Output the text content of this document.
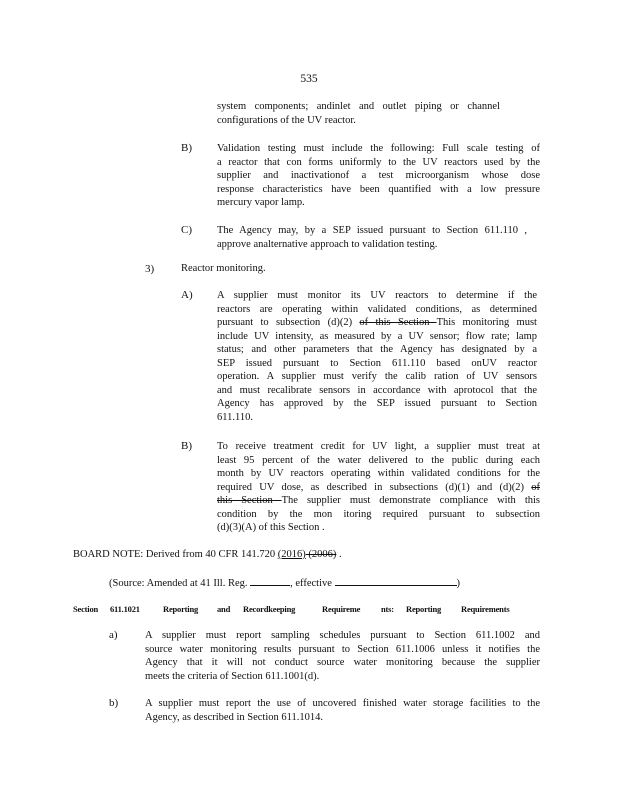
535
system components; andinlet and outlet piping or channel
configurations of the UV reactor.
B) Validation testing must include the following: Full scale testing of
a reactor that con forms uniformly to the UV reactors used by the
supplier and inactivationof a test microorganism whose dose
response characteristics have been quantified with a low pressure
mercury vapor lamp.
C) The Agency may, by a SEP issued pursuant to Section 611.110 ,
approve analternative approach to validation testing.
3)	Reactor monitoring.
A) A supplier must monitor its UV reactors to determine if the
reactors are operating within validated conditions, as determined
pursuant to subsection (d)(2) of this Section This monitoring must
include UV intensity, as measured by a UV sensor; flow rate; lamp
status; and other parameters that the Agency has designated by a
SEP issued pursuant to Section 611.110 based onUV reactor
operation. A supplier must verify the calib ration of UV sensors
and must recalibrate sensors in accordance with aprotocol that the
Agency has approved by the SEP issued pursuant to Section
611.110.
B) To receive treatment credit for UV light, a supplier must treat at
least 95 percent of the water delivered to the public during each
month by UV reactors operating within validated conditions for the
required UV dose, as described in subsections (d)(1) and (d)(2) of
this Section The supplier must demonstrate compliance with this
condition by the mon itoring required pursuant to subsection
(d)(3)(A) of this Section .
BOARD NOTE: Derived from 40 CFR 141.720 (2016) (2006) .
(Source: Amended at 41 Ill. Reg.	, effective	)
Section 611.1021	Reporting and Recordkeeping	Requireme nts: Reporting Requirements
a)	A supplier must report sampling schedules pursuant to Section 611.1002 and
source water monitoring results pursuant to Section 611.1006 unless it notifies the
Agency that it will not conduct source water monitoring because the supplier
meets the criteria of Section 611.1001(d).
b)	A supplier must report the use of uncovered finished water storage facilities to the
Agency, as described in Section 611.1014.
